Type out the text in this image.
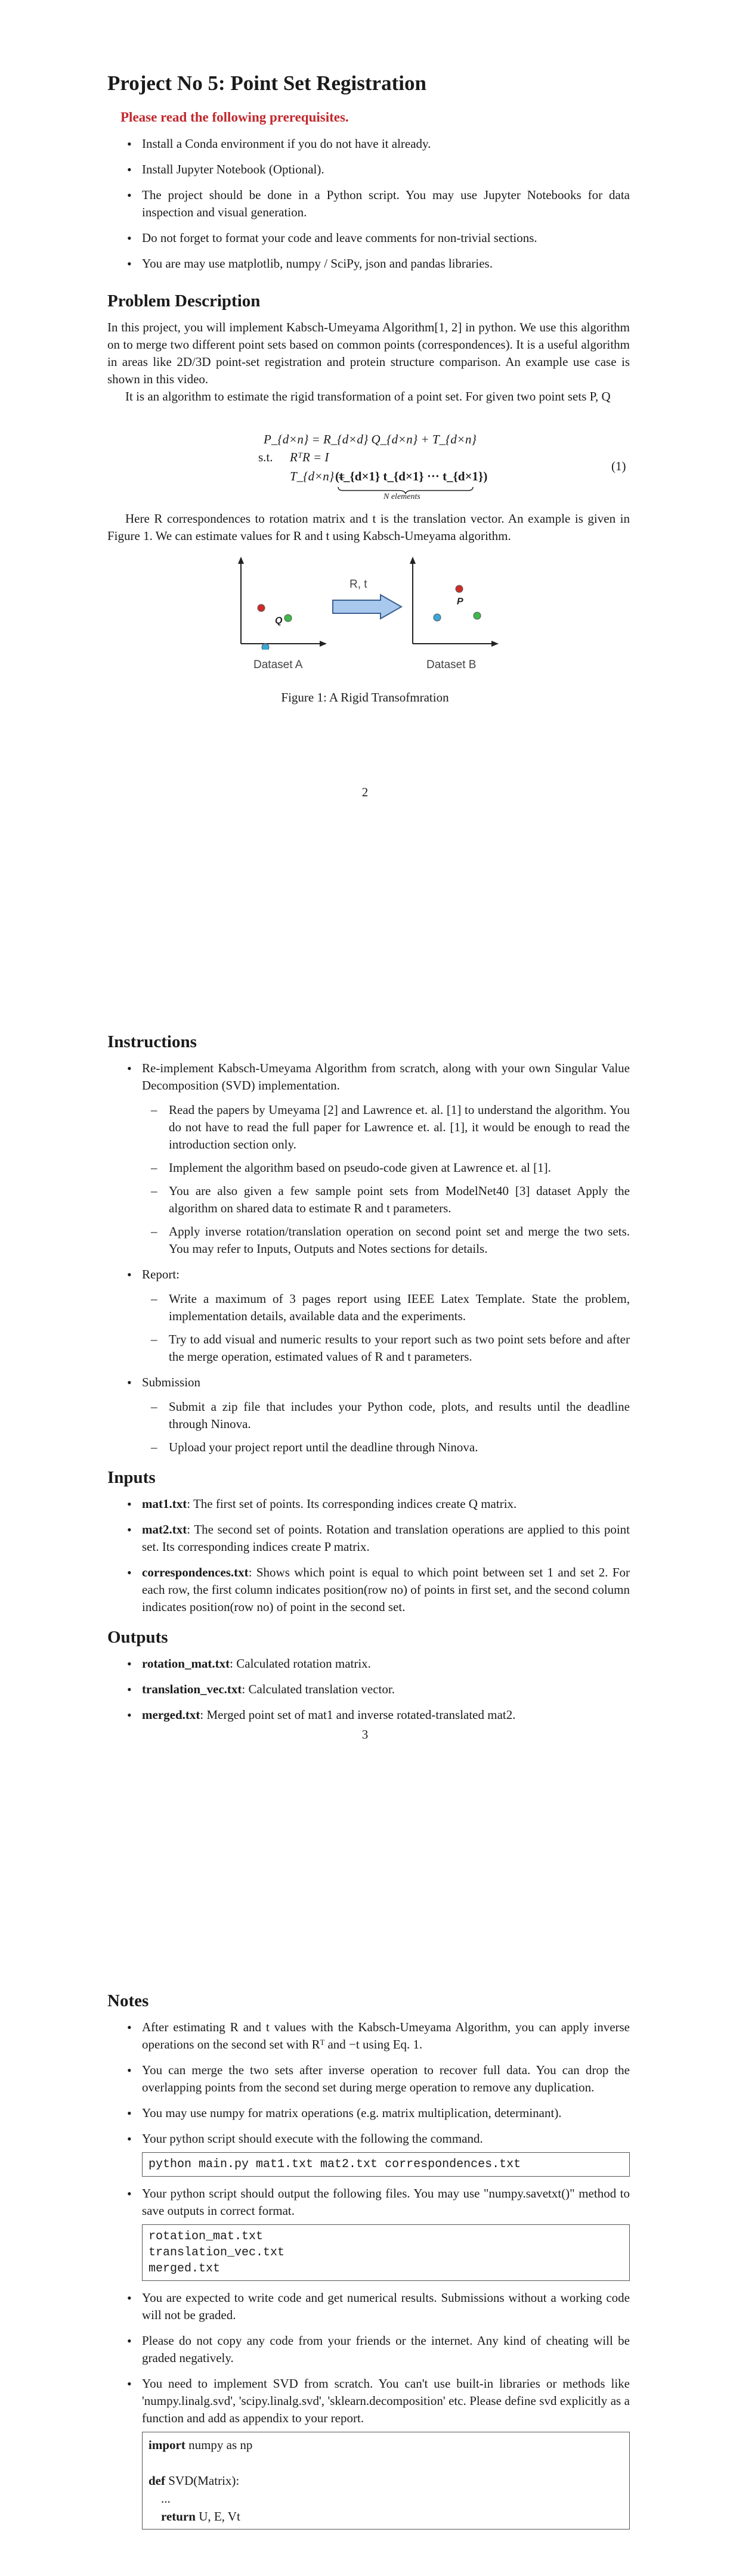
Project No 5: Point Set Registration
Please read the following prerequisites.
• Install a Conda environment if you do not have it already.
• Install Jupyter Notebook (Optional).
• The project should be done in a Python script. You may use Jupyter Notebooks for data inspection and visual generation.
• Do not forget to format your code and leave comments for non-trivial sections.
• You are may use matplotlib, numpy / SciPy, json and pandas libraries.
Problem Description

In this project, you will implement Kabsch-Umeyama Algorithm[1, 2] in python. We use this algorithm on to merge two different point sets based on common points (correspondences). It is a useful algorithm in areas like 2D/3D point-set registration and protein structure comparison. An example use case is shown in this video.

It is an algorithm to estimate the rigid transformation of a point set. For given two point sets P, Q

P_{d×n} = R_{d×d} Q_{d×n} + T_{d×n}
s.t. RᵀR = I
T_{d×n} =
(t_{d×1} t_{d×1} ··· t_{d×1})
N elements
(1)

Here R correspondences to rotation matrix and t is the translation vector. An example is given in Figure 1. We can estimate values for R and t using Kabsch-Umeyama algorithm.

R, t
Q
P
Dataset A	Dataset B
Figure 1: A Rigid Transofmration
2
Instructions
• Re-implement Kabsch-Umeyama Algorithm from scratch, along with your own Singular Value Decomposition (SVD) implementation.
– Read the papers by Umeyama [2] and Lawrence et. al. [1] to understand the algorithm. You do not have to read the full paper for Lawrence et. al. [1], it would be enough to read the introduction section only.
– Implement the algorithm based on pseudo-code given at Lawrence et. al [1].
– You are also given a few sample point sets from ModelNet40 [3] dataset Apply the algorithm on shared data to estimate R and t parameters.
– Apply inverse rotation/translation operation on second point set and merge the two sets. You may refer to Inputs, Outputs and Notes sections for details.
• Report:
– Write a maximum of 3 pages report using IEEE Latex Template. State the problem, implementation details, available data and the experiments.
– Try to add visual and numeric results to your report such as two point sets before and after the merge operation, estimated values of R and t parameters.
• Submission
– Submit a zip file that includes your Python code, plots, and results until the deadline through Ninova.
– Upload your project report until the deadline through Ninova.
Inputs
• mat1.txt: The first set of points. Its corresponding indices create Q matrix.
• mat2.txt: The second set of points. Rotation and translation operations are applied to this point set. Its corresponding indices create P matrix.
• correspondences.txt: Shows which point is equal to which point between set 1 and set 2. For each row, the first column indicates position(row no) of points in first set, and the second column indicates position(row no) of point in the second set.
Outputs
• rotation_mat.txt: Calculated rotation matrix.
• translation_vec.txt: Calculated translation vector.
• merged.txt: Merged point set of mat1 and inverse rotated-translated mat2.
3
Notes
• After estimating R and t values with the Kabsch-Umeyama Algorithm, you can apply inverse operations on the second set with Rᵀ and −t using Eq. 1.
• You can merge the two sets after inverse operation to recover full data. You can drop the overlapping points from the second set during merge operation to remove any duplication.
• You may use numpy for matrix operations (e.g. matrix multiplication, determinant).
• Your python script should execute with the following the command.
python main.py mat1.txt mat2.txt correspondences.txt
• Your python script should output the following files. You may use "numpy.savetxt()" method to save outputs in correct format.
rotation_mat.txt
translation_vec.txt
merged.txt
• You are expected to write code and get numerical results. Submissions without a working code will not be graded.
• Please do not copy any code from your friends or the internet. Any kind of cheating will be graded negatively.
• You need to implement SVD from scratch. You can't use built-in libraries or methods like 'numpy.linalg.svd', 'scipy.linalg.svd', 'sklearn.decomposition' etc. Please define svd explicitly as a function and add as appendix to your report.
import numpy as np

def SVD(Matrix):
...
return U, E, Vt
